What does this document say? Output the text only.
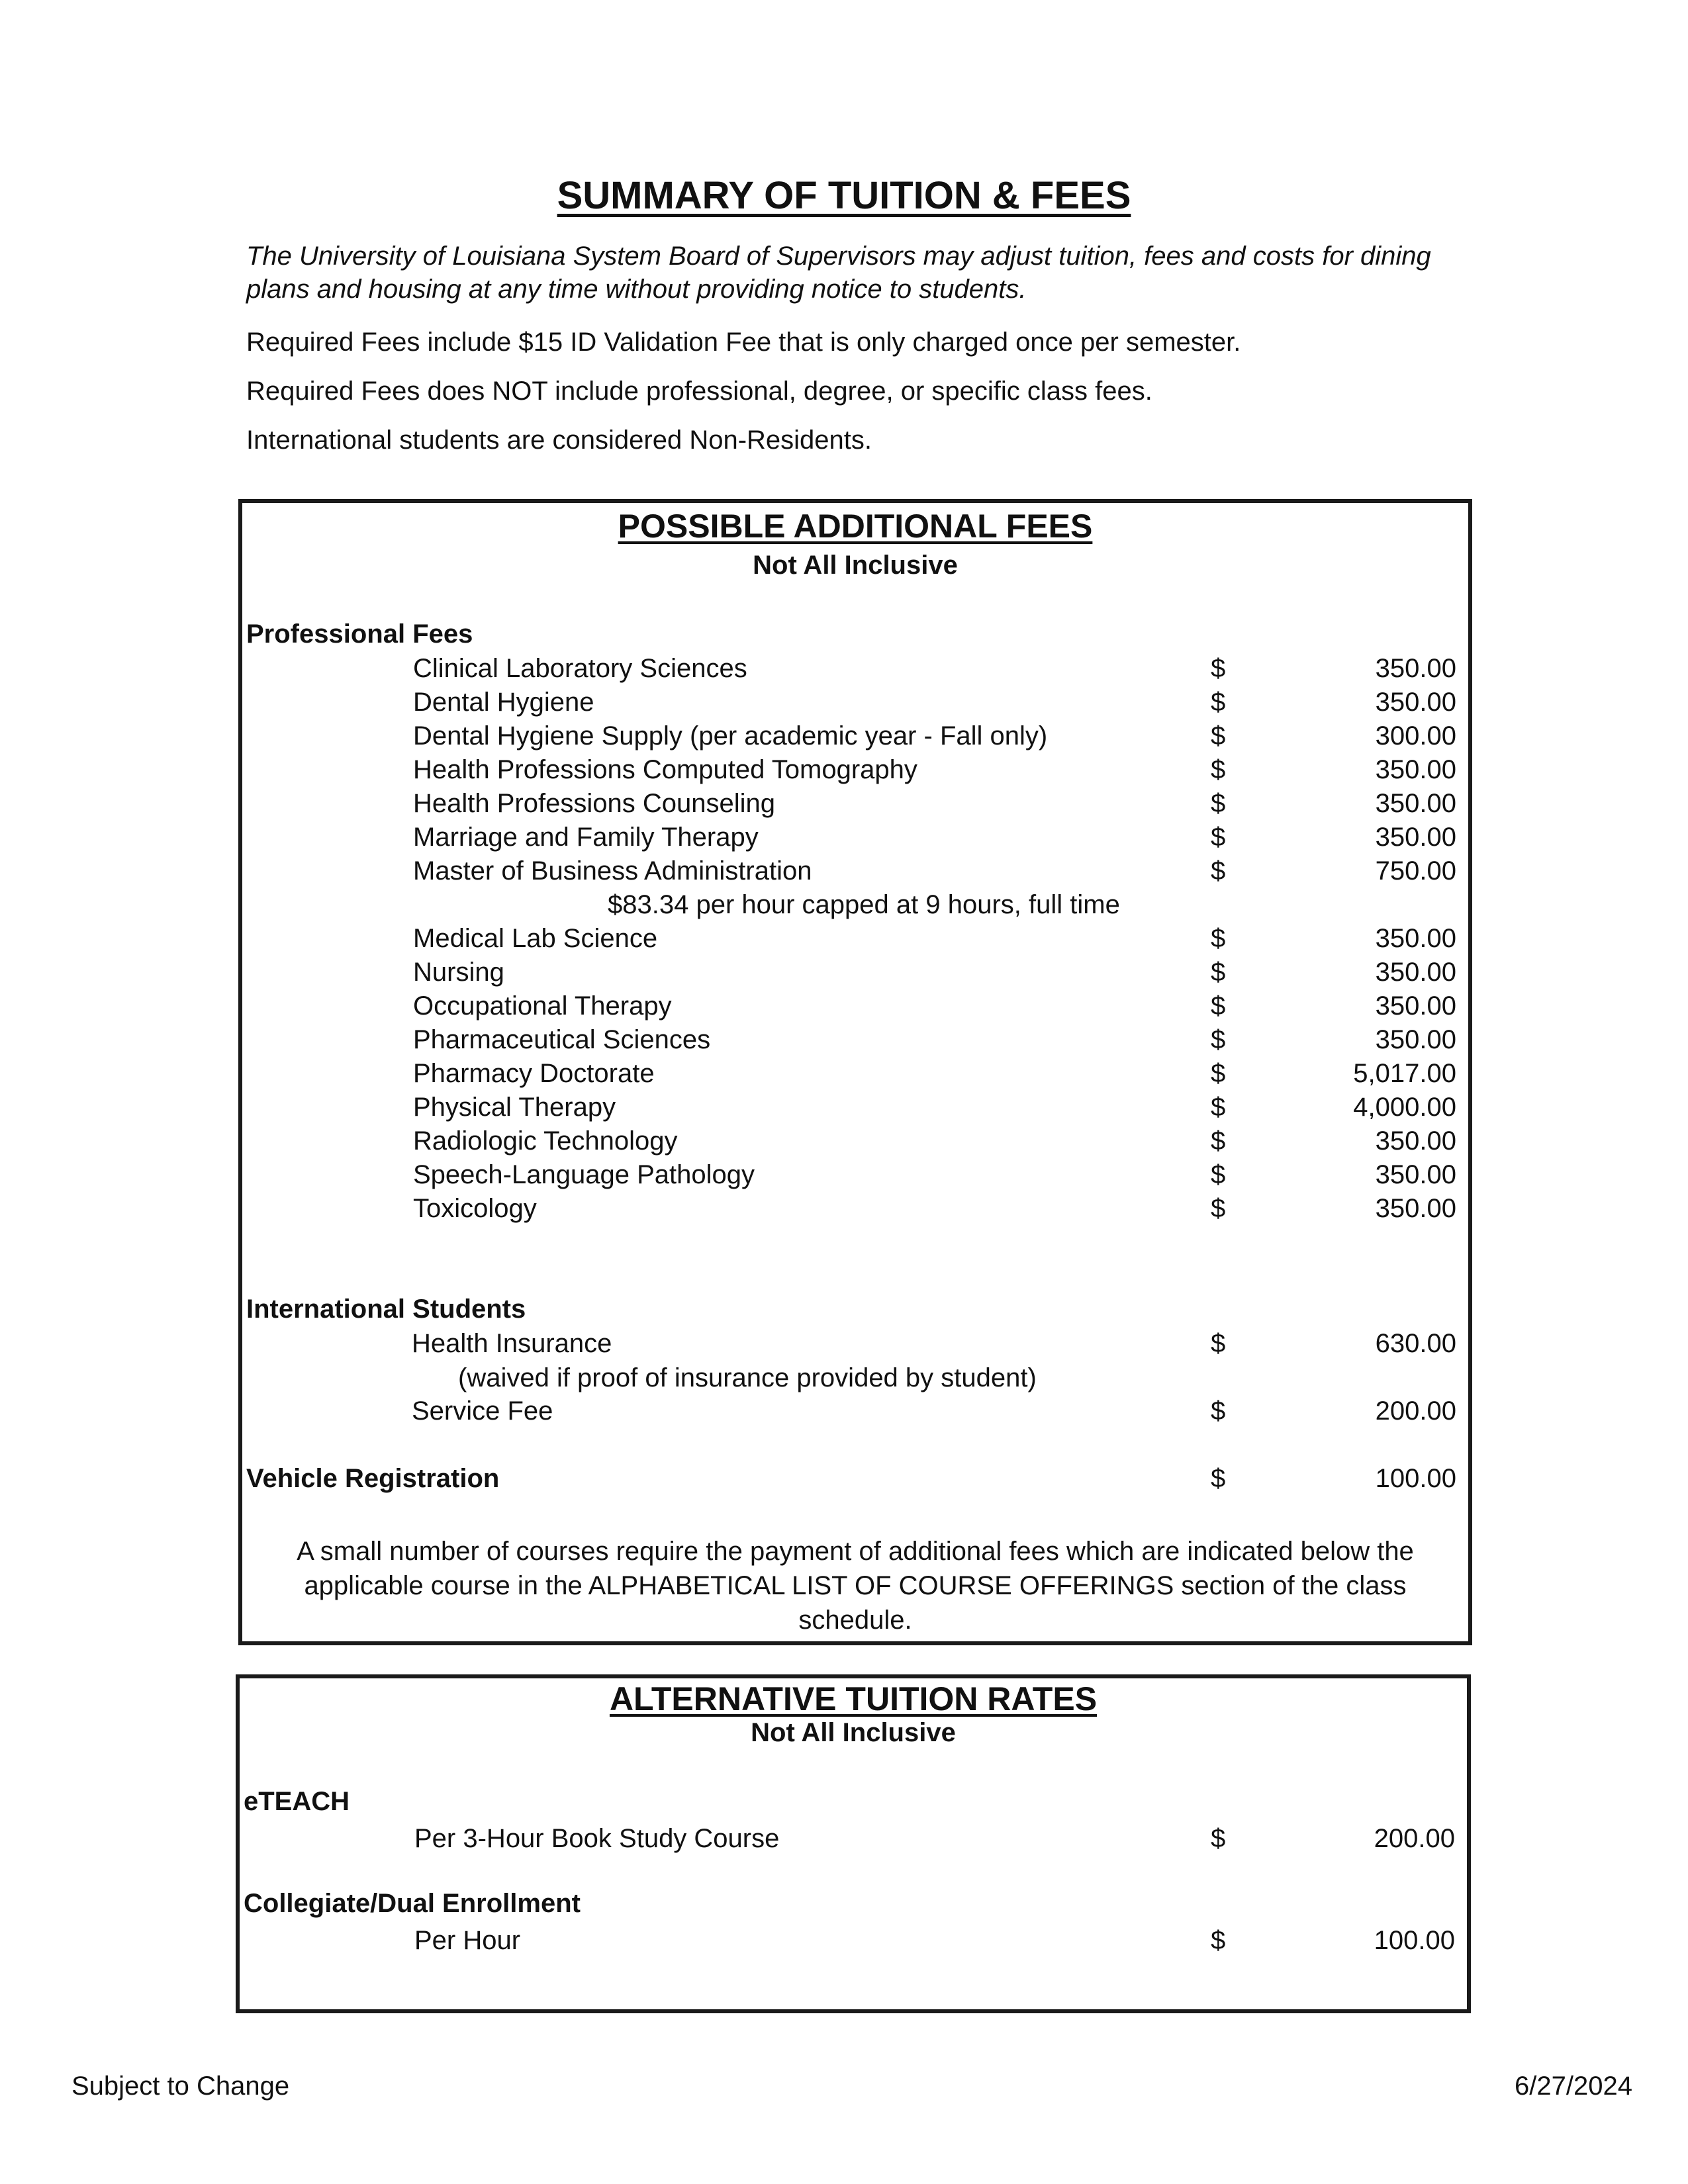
SUMMARY OF TUITION & FEES
The University of Louisiana System Board of Supervisors may adjust tuition, fees and costs for dining plans and housing at any time without providing notice to students.
Required Fees include $15 ID Validation Fee that is only charged once per semester.
Required Fees does NOT include professional, degree, or specific class fees.
International students are considered Non-Residents.
POSSIBLE ADDITIONAL FEES
Not All Inclusive
Professional Fees
Clinical Laboratory Sciences	$	350.00
Dental Hygiene	$	350.00
Dental Hygiene Supply (per academic year - Fall only)	$	300.00
Health Professions Computed Tomography	$	350.00
Health Professions Counseling	$	350.00
Marriage and Family Therapy	$	350.00
Master of Business Administration	$	750.00
$83.34 per hour capped at 9 hours, full time
Medical Lab Science	$	350.00
Nursing	$	350.00
Occupational Therapy	$	350.00
Pharmaceutical Sciences	$	350.00
Pharmacy Doctorate	$	5,017.00
Physical Therapy	$	4,000.00
Radiologic Technology	$	350.00
Speech-Language Pathology	$	350.00
Toxicology	$	350.00
International Students
Health Insurance	$	630.00
(waived if proof of insurance provided by student)
Service Fee	$	200.00
Vehicle Registration	$	100.00
A small number of courses require the payment of additional fees which are indicated below the applicable course in the ALPHABETICAL LIST OF COURSE OFFERINGS section of the class schedule.
ALTERNATIVE TUITION RATES
Not All Inclusive
eTEACH
Per 3-Hour Book Study Course	$	200.00
Collegiate/Dual Enrollment
Per Hour	$	100.00
Subject to Change	6/27/2024
